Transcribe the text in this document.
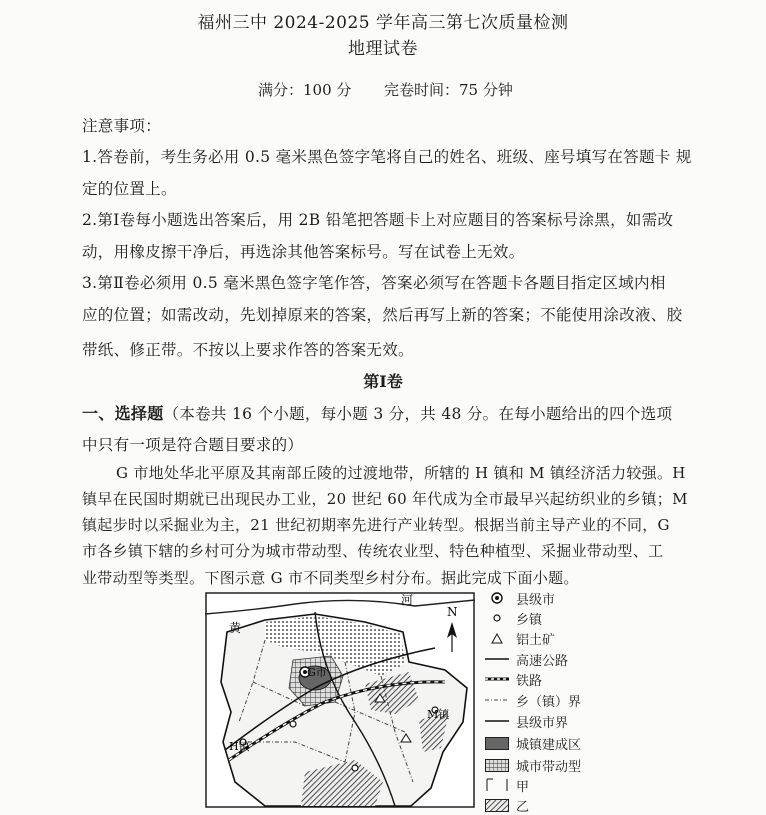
福州三中 2024-2025 学年高三第七次质量检测
地理试卷
满分：100 分 完卷时间：75 分钟
注意事项：
1.答卷前，考生务必用 0.5 毫米黑色签字笔将自己的姓名、班级、座号填写在答题卡 规
定的位置上。
2.第Ⅰ卷每小题选出答案后，用 2B 铅笔把答题卡上对应题目的答案标号涂黑，如需改
动，用橡皮擦干净后，再选涂其他答案标号。写在试卷上无效。
3.第Ⅱ卷必须用 0.5 毫米黑色签字笔作答，答案必须写在答题卡各题目指定区域内相
应的位置；如需改动，先划掉原来的答案，然后再写上新的答案；不能使用涂改液、胶
带纸、修正带。不按以上要求作答的答案无效。
第Ⅰ卷
一、选择题（本卷共 16 个小题，每小题 3 分，共 48 分。在每小题给出的四个选项
中只有一项是符合题目要求的）
G 市地处华北平原及其南部丘陵的过渡地带，所辖的 H 镇和 M 镇经济活力较强。H
镇早在民国时期就已出现民办工业，20 世纪 60 年代成为全市最早兴起纺织业的乡镇；M
镇起步时以采掘业为主，21 世纪初期率先进行产业转型。根据当前主导产业的不同，G
市各乡镇下辖的乡村可分为城市带动型、传统农业型、特色种植型、采掘业带动型、工
业带动型等类型。下图示意 G 市不同类型乡村分布。据此完成下面小题。
河
黄
G市
M镇
H镇
N
县级市
乡镇
铝土矿
高速公路
铁路
乡（镇）界
县级市界
城镇建成区
城市带动型
甲
乙
